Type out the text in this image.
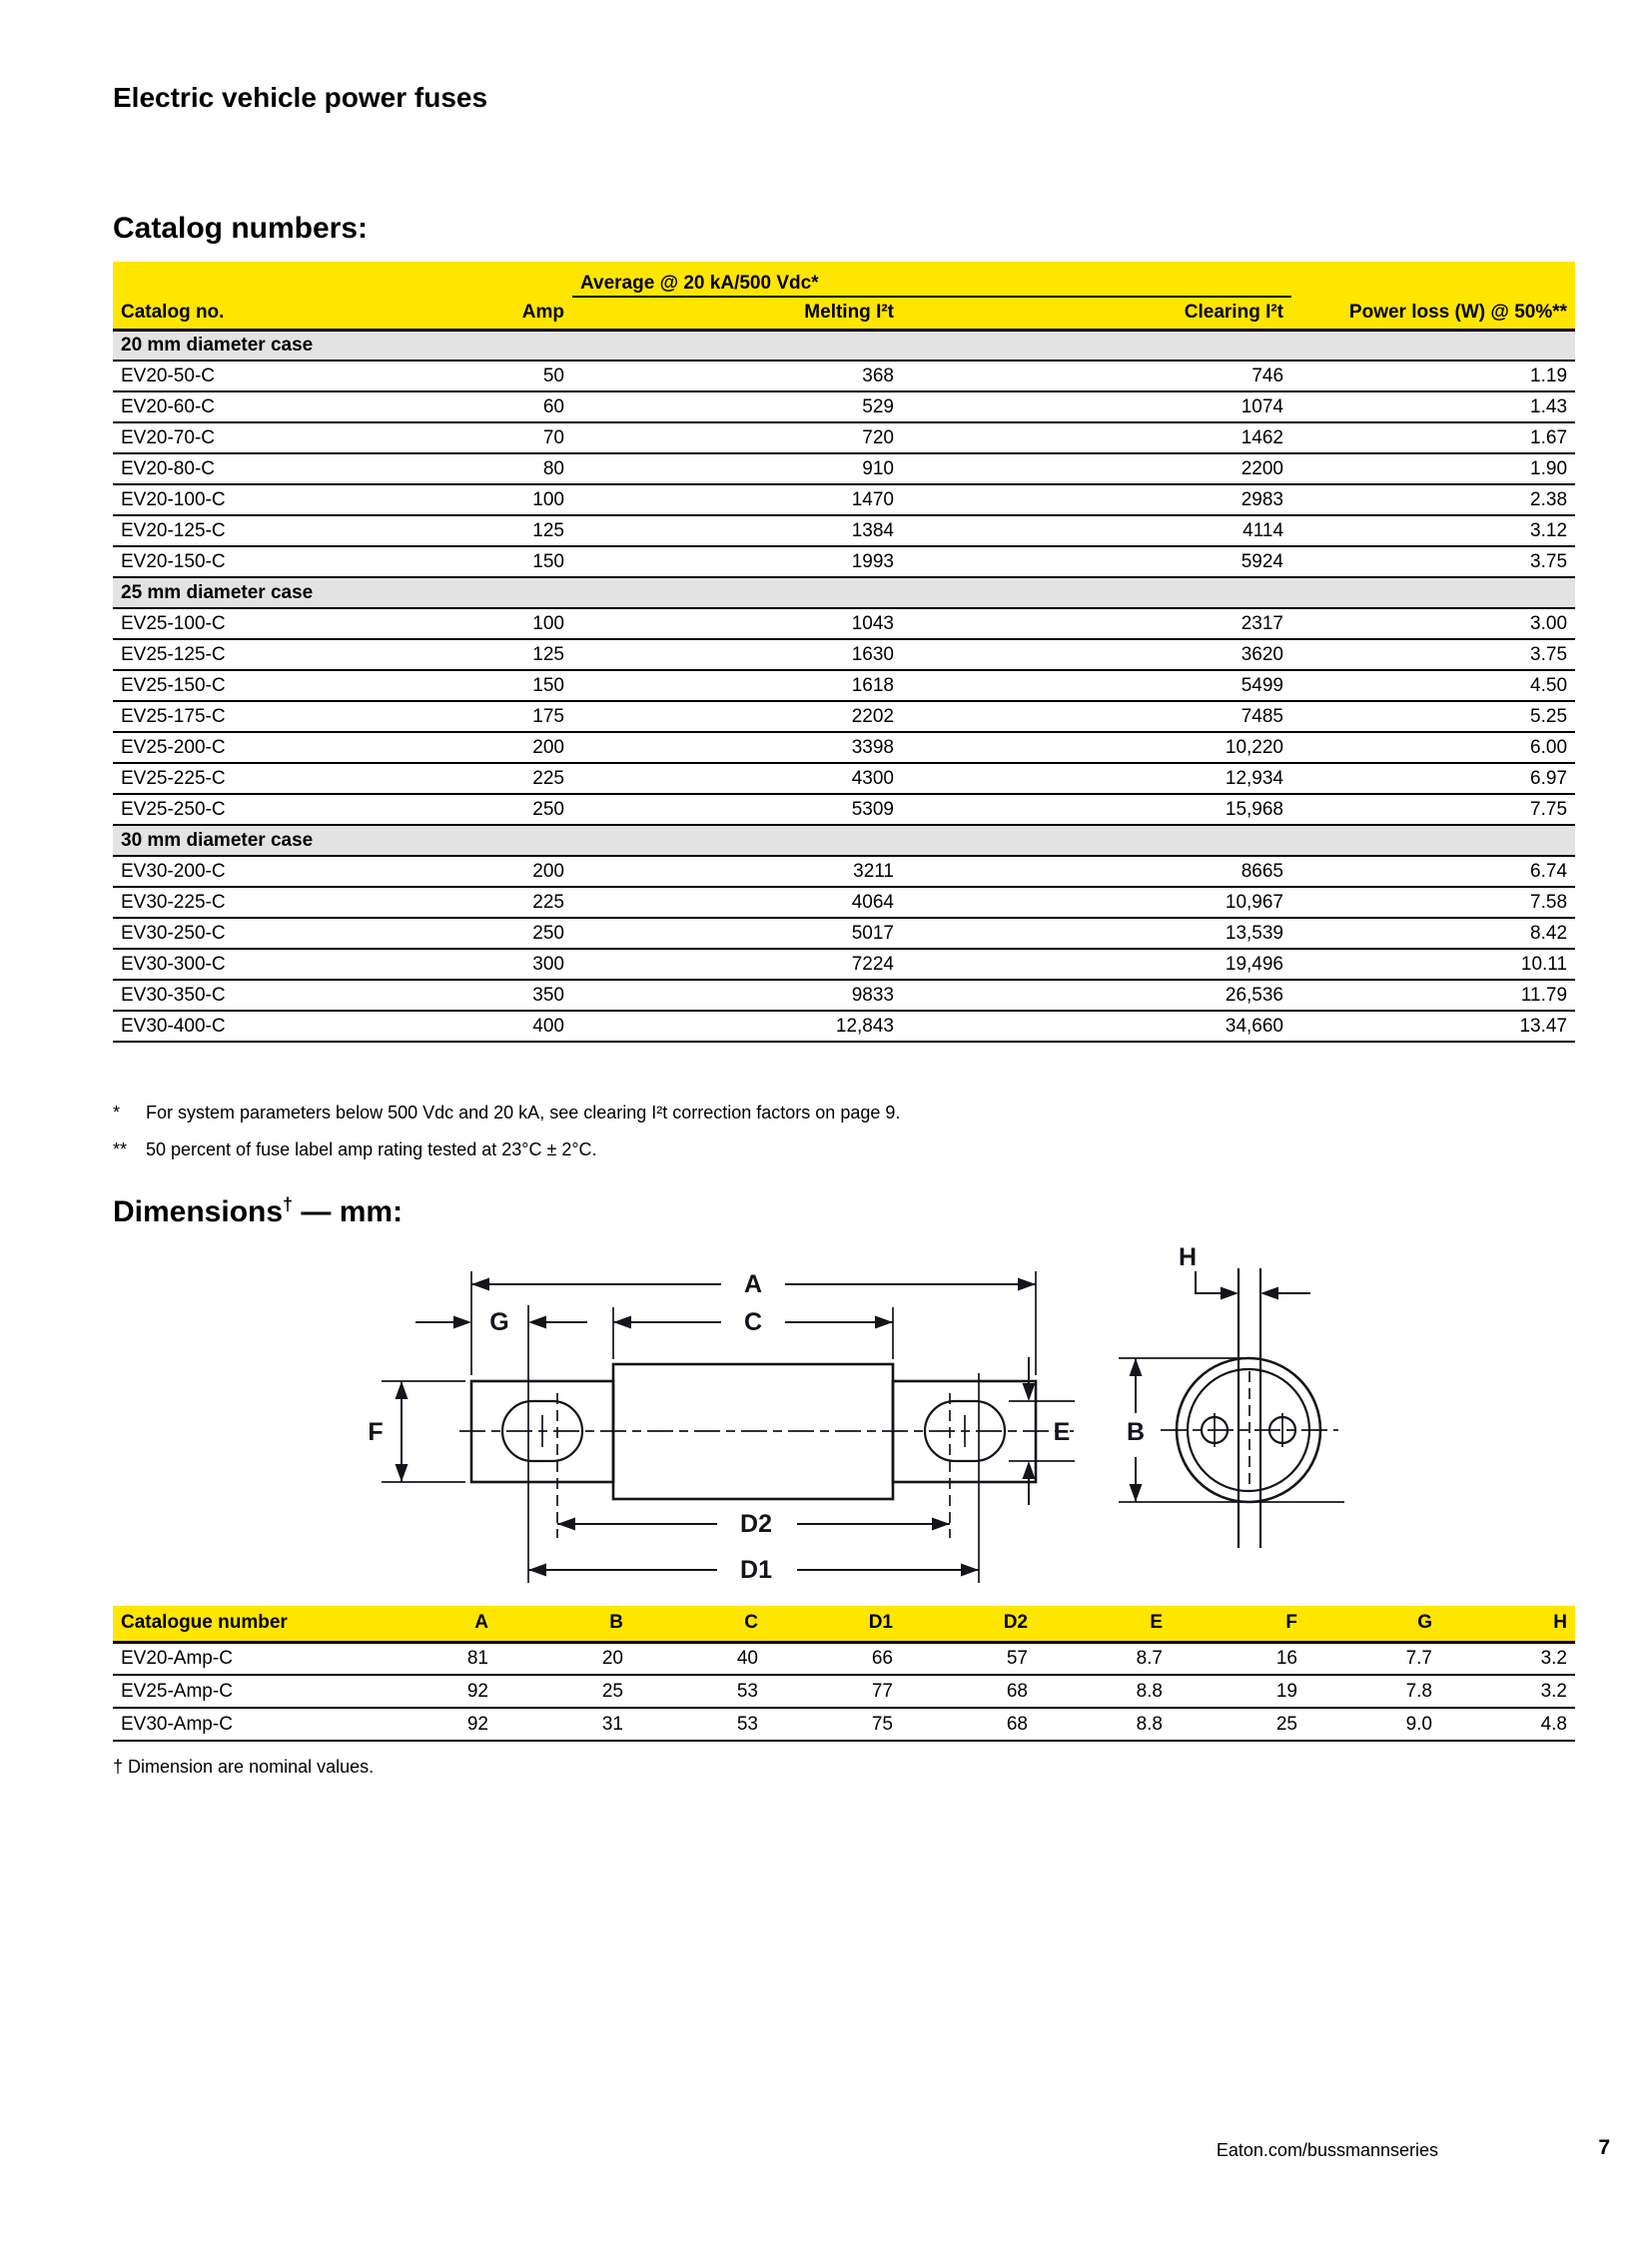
Electric vehicle power fuses
Catalog numbers:
		Average @ 20 kA/500 Vdc*		
Catalog no.	Amp	Melting I²t	Clearing I²t	Power loss (W) @ 50%**
20 mm diameter case				
EV20-50-C	50	368	746	1.19
EV20-60-C	60	529	1074	1.43
EV20-70-C	70	720	1462	1.67
EV20-80-C	80	910	2200	1.90
EV20-100-C	100	1470	2983	2.38
EV20-125-C	125	1384	4114	3.12
EV20-150-C	150	1993	5924	3.75
25 mm diameter case				
EV25-100-C	100	1043	2317	3.00
EV25-125-C	125	1630	3620	3.75
EV25-150-C	150	1618	5499	4.50
EV25-175-C	175	2202	7485	5.25
EV25-200-C	200	3398	10,220	6.00
EV25-225-C	225	4300	12,934	6.97
EV25-250-C	250	5309	15,968	7.75
30 mm diameter case				
EV30-200-C	200	3211	8665	6.74
EV30-225-C	225	4064	10,967	7.58
EV30-250-C	250	5017	13,539	8.42
EV30-300-C	300	7224	19,496	10.11
EV30-350-C	350	9833	26,536	11.79
EV30-400-C	400	12,843	34,660	13.47
*	For system parameters below 500 Vdc and 20 kA, see clearing I²t correction factors on page 9.
**	50 percent of fuse label amp rating tested at 23°C ± 2°C.
Dimensions† — mm:
A
C
G
F	E
D2
D1
H
B
Catalogue number	A	B	C	D1	D2	E	F	G	H
EV20-Amp-C	81	20	40	66	57	8.7	16	7.7	3.2
EV25-Amp-C	92	25	53	77	68	8.8	19	7.8	3.2
EV30-Amp-C	92	31	53	75	68	8.8	25	9.0	4.8
† Dimension are nominal values.
Eaton.com/bussmannseries	7
